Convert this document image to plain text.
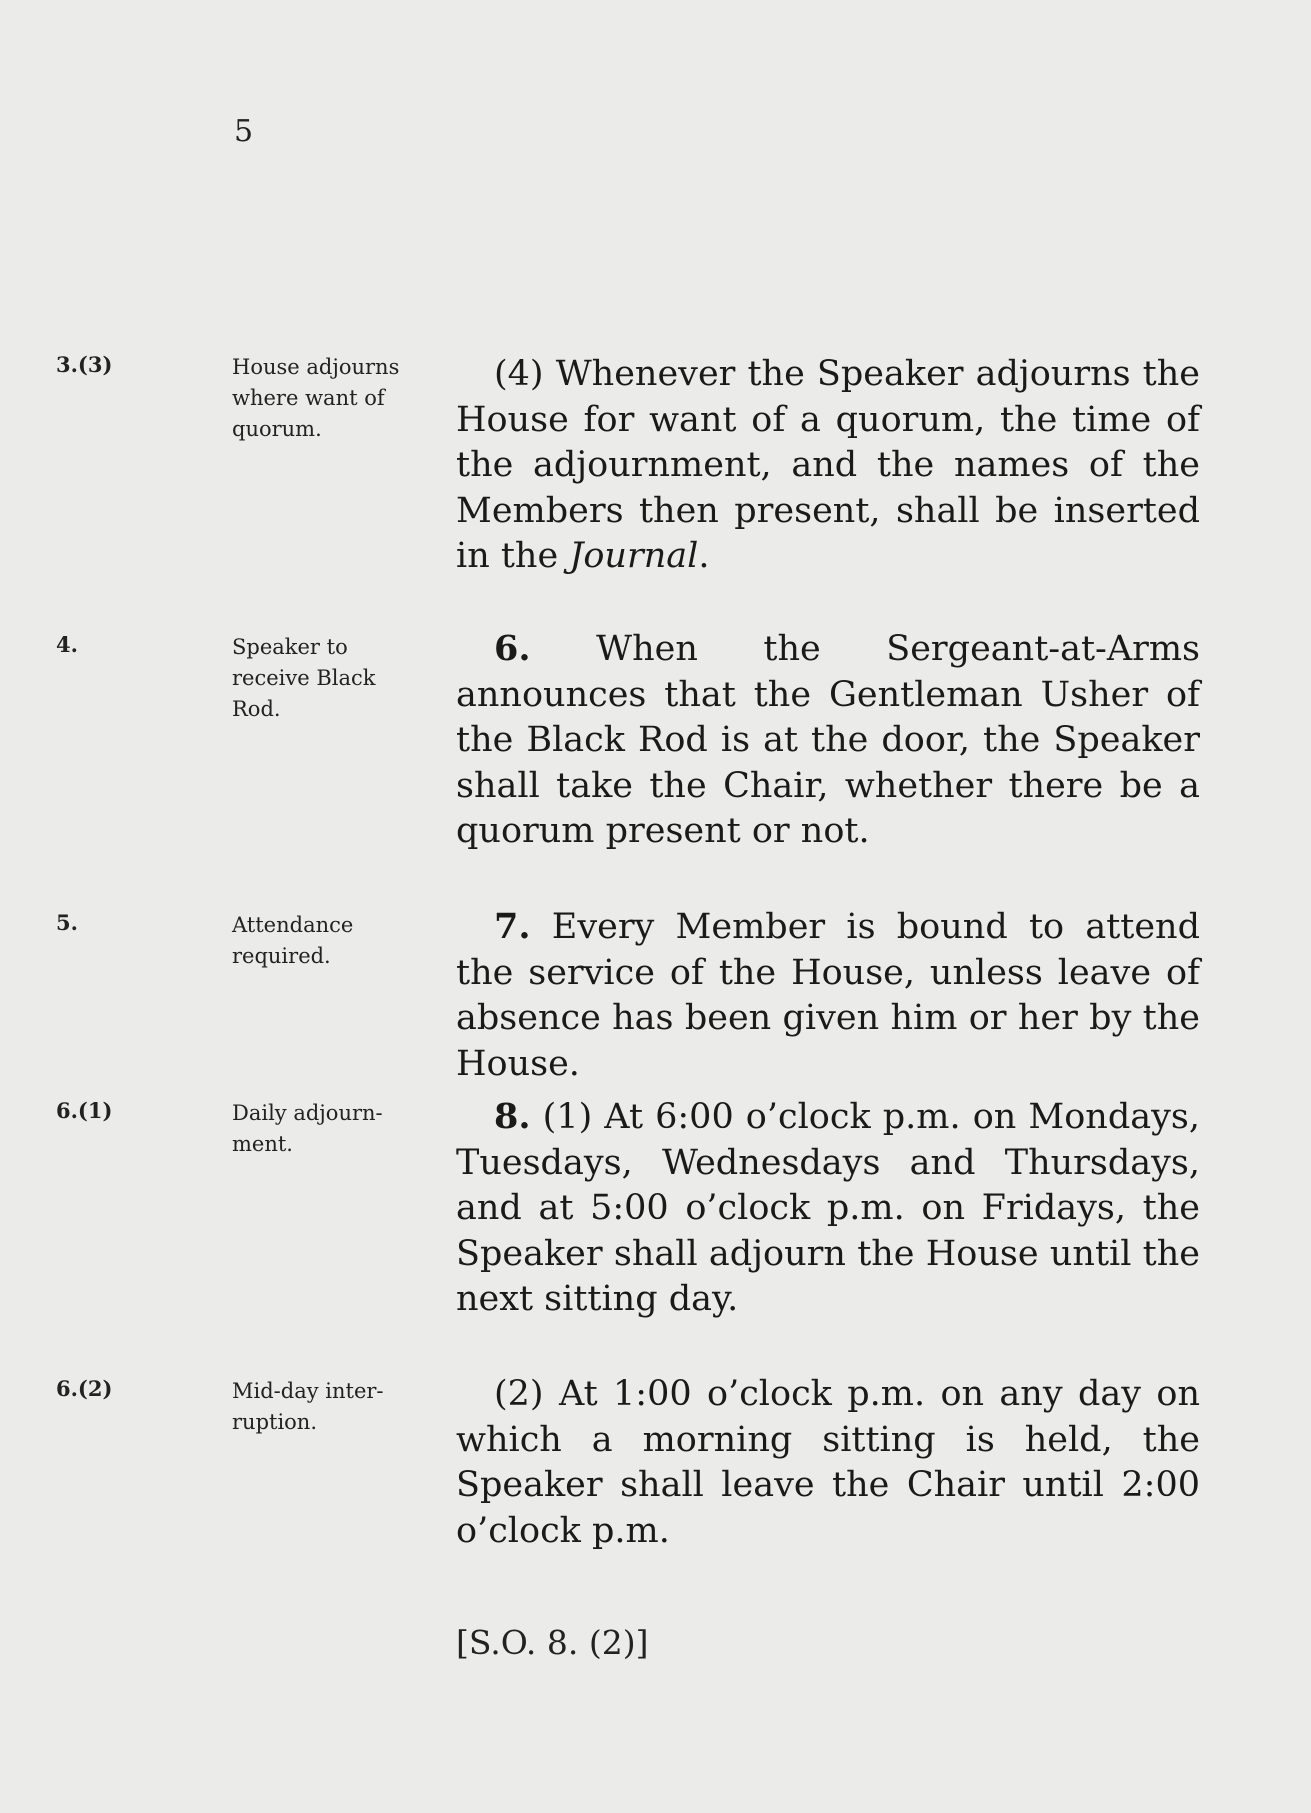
5
3.(3)	House adjourns where want of quorum.
(4) Whenever the Speaker adjourns the House for want of a quorum, the time of the adjournment, and the names of the Members then present, shall be inserted in the Journal.
4.	Speaker to receive Black Rod.
6. When the Sergeant-at-Arms announces that the Gentleman Usher of the Black Rod is at the door, the Speaker shall take the Chair, whether there be a quorum present or not.
5.	Attendance required.
7. Every Member is bound to attend the service of the House, unless leave of absence has been given him or her by the House.
6.(1)	Daily adjourn-ment.
8. (1) At 6:00 o’clock p.m. on Mondays, Tuesdays, Wednesdays and Thursdays, and at 5:00 o’clock p.m. on Fridays, the Speaker shall adjourn the House until the next sitting day.
6.(2)	Mid-day inter-ruption.
(2) At 1:00 o’clock p.m. on any day on which a morning sitting is held, the Speaker shall leave the Chair until 2:00 o’clock p.m.
[S.O. 8. (2)]
